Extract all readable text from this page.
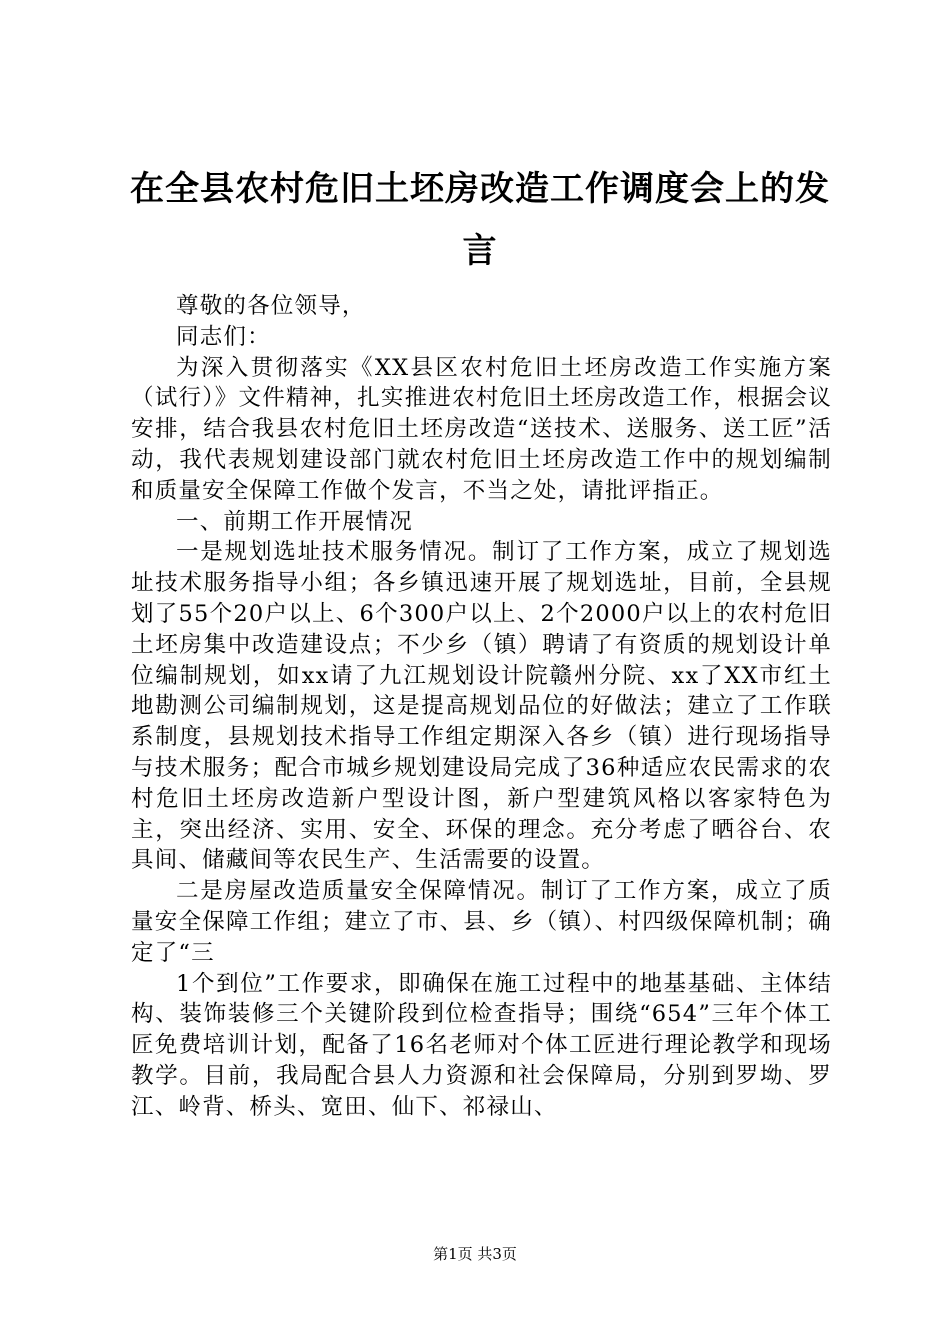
在全县农村危旧土坯房改造工作调度会上的发言

尊敬的各位领导，

同志们：

为深入贯彻落实《XX县区农村危旧土坯房改造工作实施方案（试行）》文件精神，扎实推进农村危旧土坯房改造工作，根据会议安排，结合我县农村危旧土坯房改造“送技术、送服务、送工匠”活动，我代表规划建设部门就农村危旧土坯房改造工作中的规划编制和质量安全保障工作做个发言，不当之处，请批评指正。

一、前期工作开展情况

一是规划选址技术服务情况。制订了工作方案，成立了规划选址技术服务指导小组；各乡镇迅速开展了规划选址，目前，全县规划了55个20户以上、6个300户以上、2个2000户以上的农村危旧土坯房集中改造建设点；不少乡（镇）聘请了有资质的规划设计单位编制规划，如xx请了九江规划设计院赣州分院、xx了XX市红土地勘测公司编制规划，这是提高规划品位的好做法；建立了工作联系制度，县规划技术指导工作组定期深入各乡（镇）进行现场指导与技术服务；配合市城乡规划建设局完成了36种适应农民需求的农村危旧土坯房改造新户型设计图，新户型建筑风格以客家特色为主，突出经济、实用、安全、环保的理念。充分考虑了晒谷台、农具间、储藏间等农民生产、生活需要的设置。

二是房屋改造质量安全保障情况。制订了工作方案，成立了质量安全保障工作组；建立了市、县、乡（镇）、村四级保障机制；确定了“三

1个到位”工作要求，即确保在施工过程中的地基基础、主体结构、装饰装修三个关键阶段到位检查指导；围绕“654”三年个体工匠免费培训计划，配备了16名老师对个体工匠进行理论教学和现场教学。目前，我局配合县人力资源和社会保障局，分别到罗坳、罗江、岭背、桥头、宽田、仙下、祁禄山、

第1页 共3页
